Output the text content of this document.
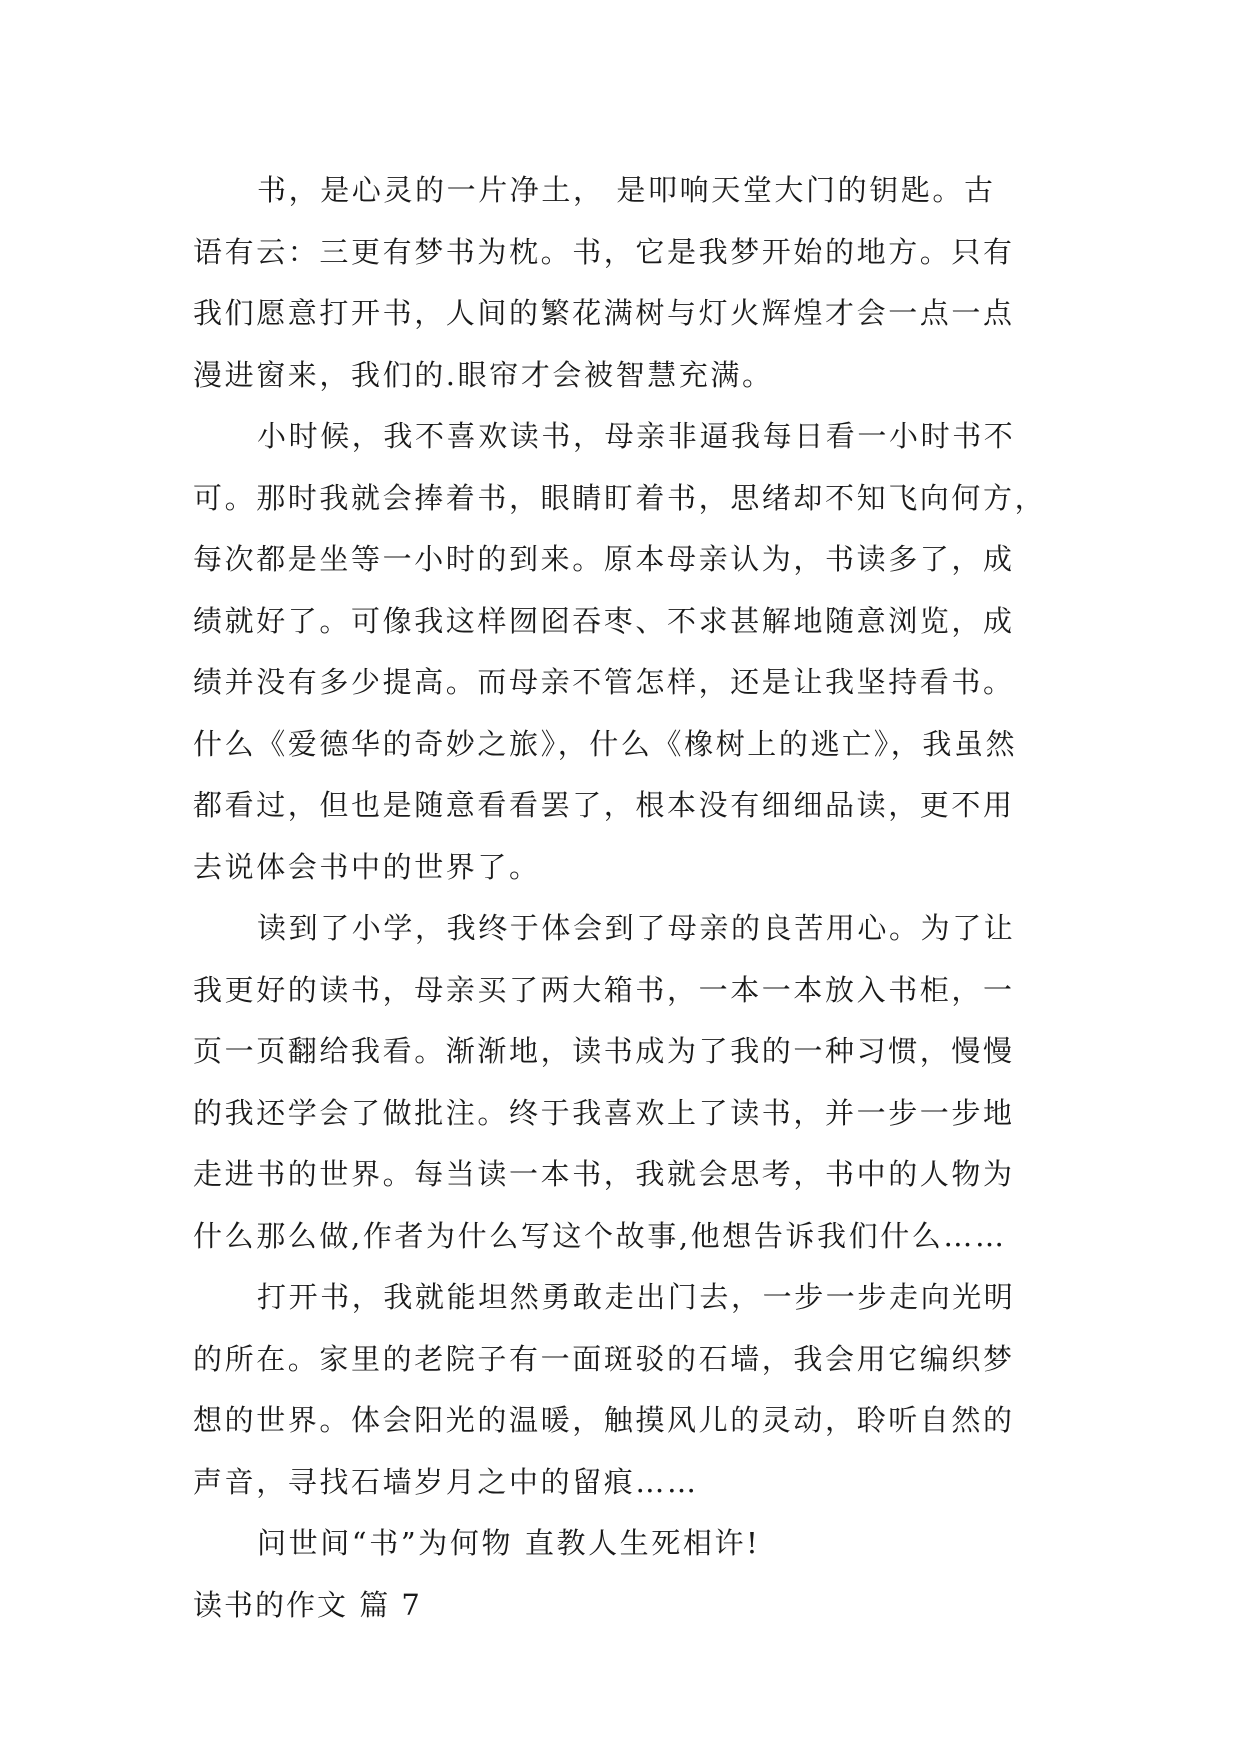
书，是心灵的一片净土， 是叩响天堂大门的钥匙。古
语有云：三更有梦书为枕。书，它是我梦开始的地方。只有
我们愿意打开书，人间的繁花满树与灯火辉煌才会一点一点
漫进窗来，我们的.眼帘才会被智慧充满。
小时候，我不喜欢读书，母亲非逼我每日看一小时书不
可。那时我就会捧着书，眼睛盯着书，思绪却不知飞向何方，
每次都是坐等一小时的到来。原本母亲认为，书读多了，成
绩就好了。可像我这样囫囵吞枣、不求甚解地随意浏览，成
绩并没有多少提高。而母亲不管怎样，还是让我坚持看书。
什么《爱德华的奇妙之旅》，什么《橡树上的逃亡》，我虽然
都看过，但也是随意看看罢了，根本没有细细品读，更不用
去说体会书中的世界了。
读到了小学，我终于体会到了母亲的良苦用心。为了让
我更好的读书，母亲买了两大箱书，一本一本放入书柜，一
页一页翻给我看。渐渐地，读书成为了我的一种习惯，慢慢
的我还学会了做批注。终于我喜欢上了读书，并一步一步地
走进书的世界。每当读一本书，我就会思考，书中的人物为
什么那么做,作者为什么写这个故事,他想告诉我们什么……
打开书，我就能坦然勇敢走出门去，一步一步走向光明
的所在。家里的老院子有一面斑驳的石墙，我会用它编织梦
想的世界。体会阳光的温暖，触摸风儿的灵动，聆听自然的
声音，寻找石墙岁月之中的留痕……
问世间“书”为何物 直教人生死相许!
读书的作文 篇 7
